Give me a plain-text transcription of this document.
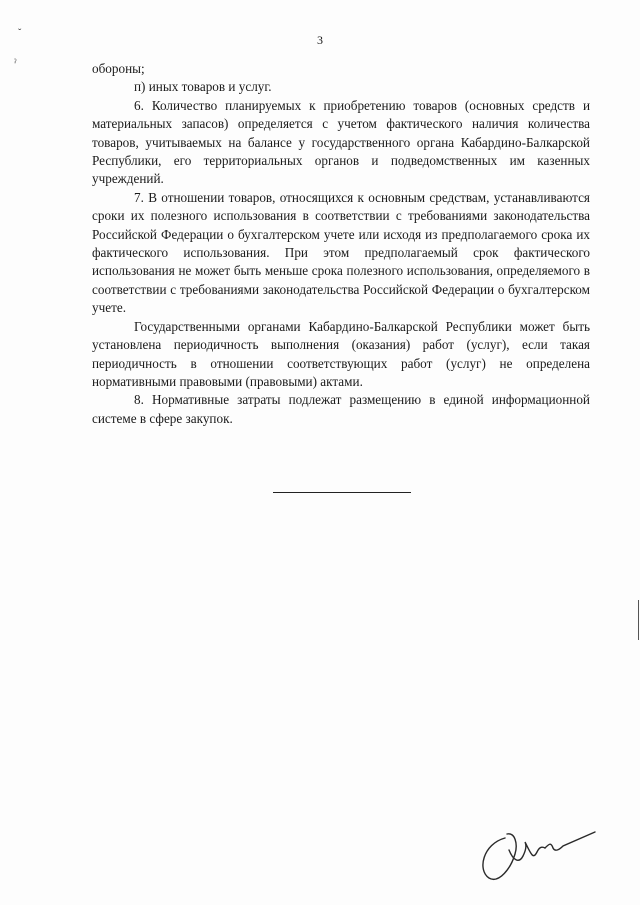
ˇ
ˀ
3

обороны;

п) иных товаров и услуг.

6. Количество планируемых к приобретению товаров (основных средств и материальных запасов) определяется с учетом фактического наличия количества товаров, учитываемых на балансе у государственного органа Кабардино-Балкарской Республики, его территориальных органов и подведомственных им казенных учреждений.

7. В отношении товаров, относящихся к основным средствам, устанавливаются сроки их полезного использования в соответствии с требованиями законодательства Российской Федерации о бухгалтерском учете или исходя из предполагаемого срока их фактического использования. При этом предполагаемый срок фактического использования не может быть меньше срока полезного использования, определяемого в соответствии с требованиями законодательства Российской Федерации о бухгалтерском учете.

Государственными органами Кабардино-Балкарской Республики может быть установлена периодичность выполнения (оказания) работ (услуг), если такая периодичность в отношении соответствующих работ (услуг) не определена нормативными правовыми (правовыми) актами.

8. Нормативные затраты подлежат размещению в единой информационной системе в сфере закупок.
